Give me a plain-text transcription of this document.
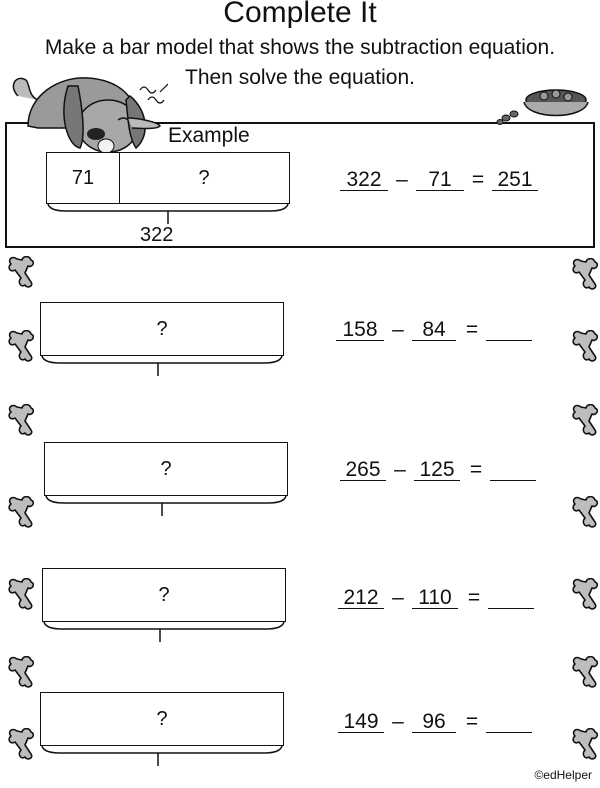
Complete It
Make a bar model that shows the subtraction equation.
Then solve the equation.
Example
71	?
322
322 – 71 = 251
?	158 – 84 =
?	265 – 125 =
?	212 – 110 =
?	149 – 96 =
©edHelper
